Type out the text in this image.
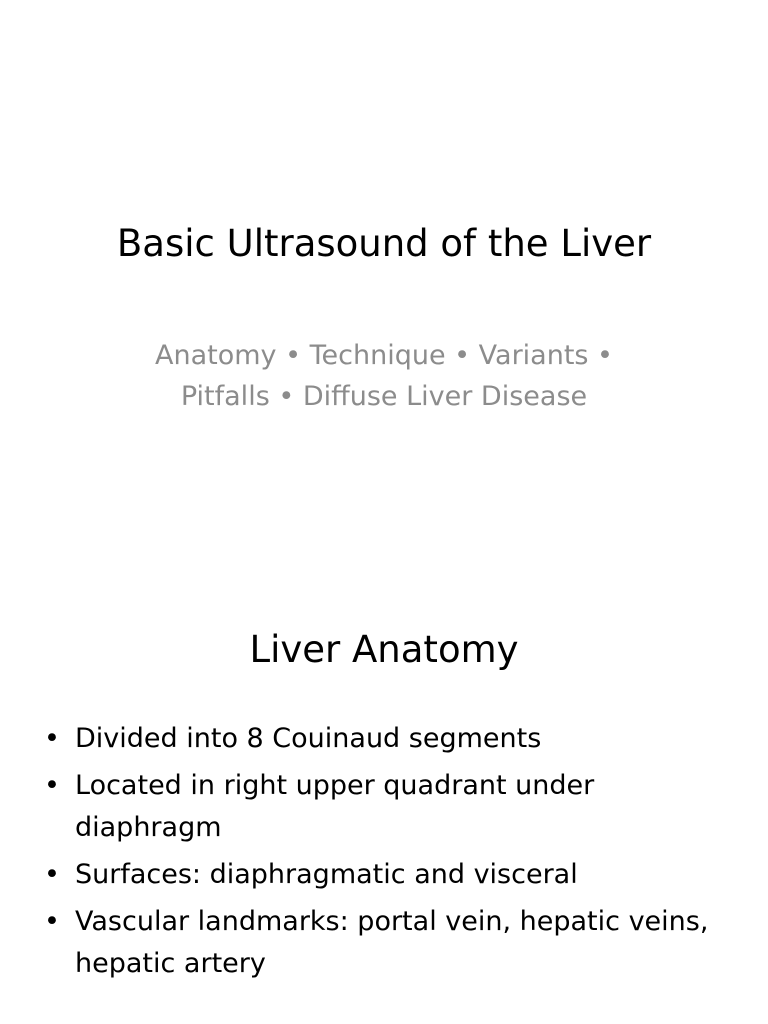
Basic Ultrasound of the Liver
Anatomy • Technique • Variants •
Pitfalls • Diffuse Liver Disease
Liver Anatomy
• Divided into 8 Couinaud segments
• Located in right upper quadrant under diaphragm
• Surfaces: diaphragmatic and visceral
• Vascular landmarks: portal vein, hepatic veins, hepatic artery
